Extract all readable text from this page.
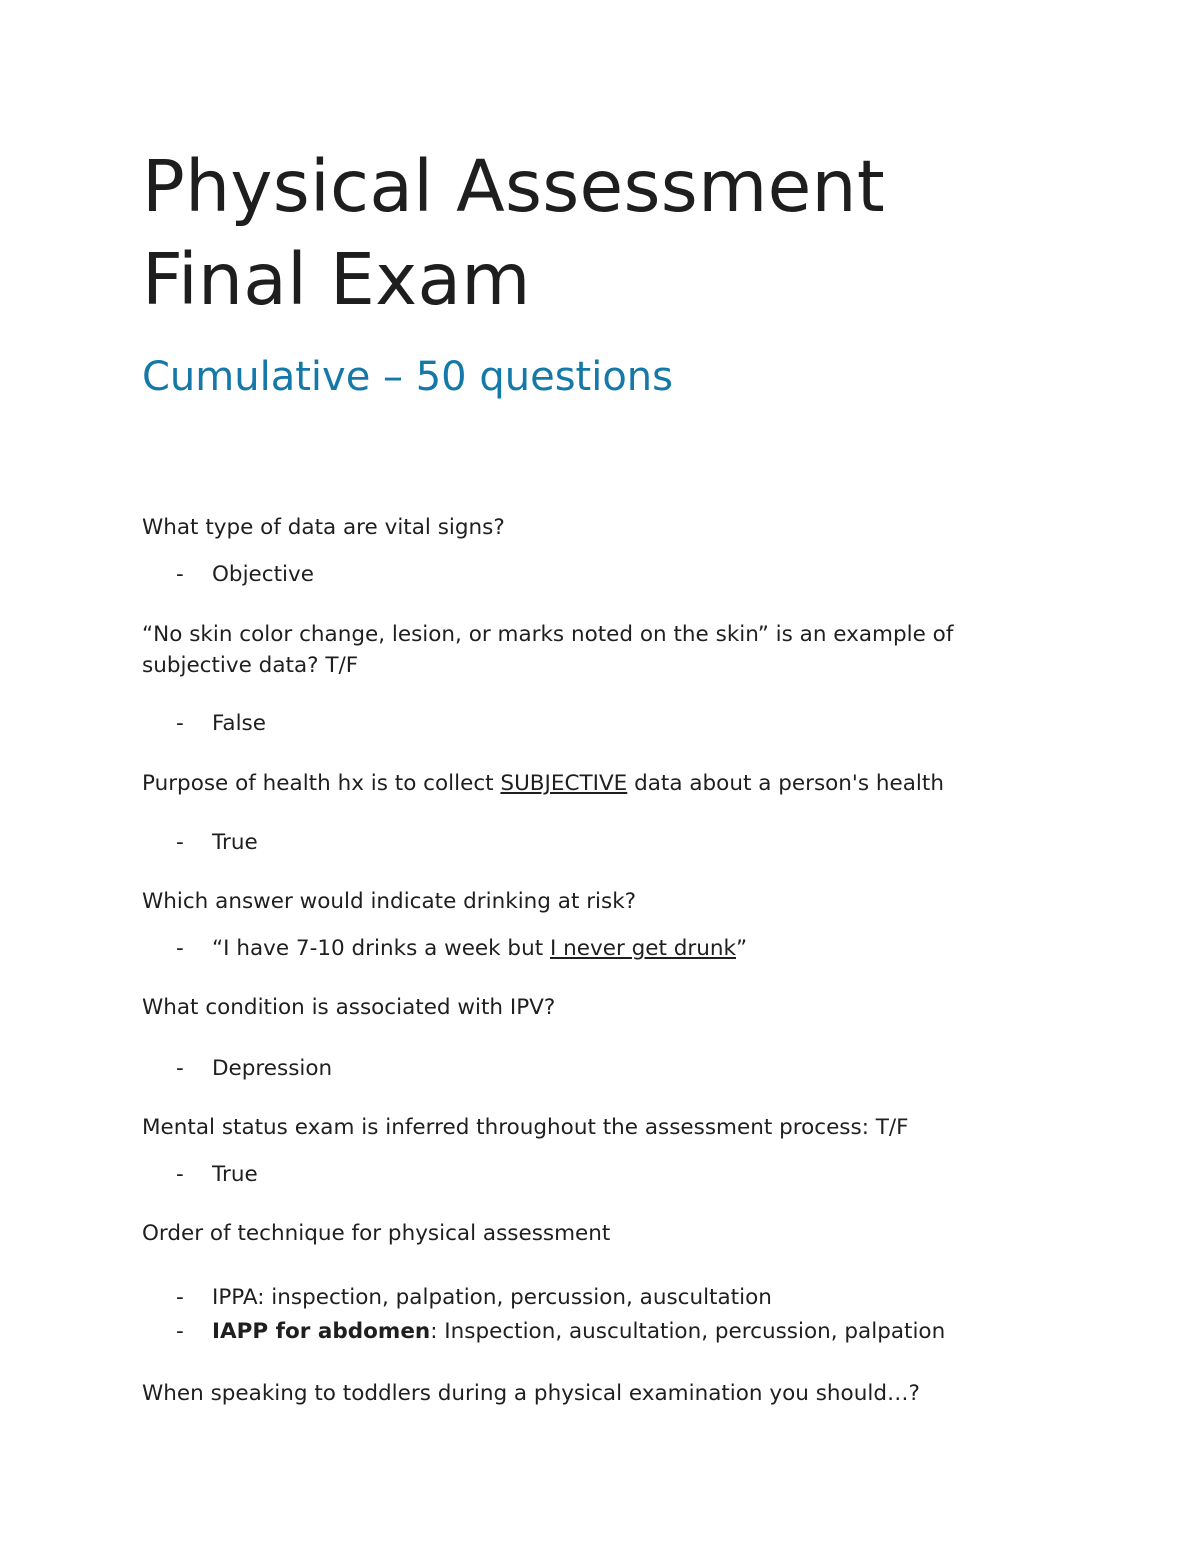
Physical Assessment
Final Exam
Cumulative – 50 questions
What type of data are vital signs?
- Objective
“No skin color change, lesion, or marks noted on the skin” is an example of
subjective data? T/F
- False
Purpose of health hx is to collect SUBJECTIVE data about a person's health
- True
Which answer would indicate drinking at risk?
- “I have 7-10 drinks a week but I never get drunk”
What condition is associated with IPV?
- Depression
Mental status exam is inferred throughout the assessment process: T/F
- True
Order of technique for physical assessment
- IPPA: inspection, palpation, percussion, auscultation
- IAPP for abdomen: Inspection, auscultation, percussion, palpation
When speaking to toddlers during a physical examination you should…?
